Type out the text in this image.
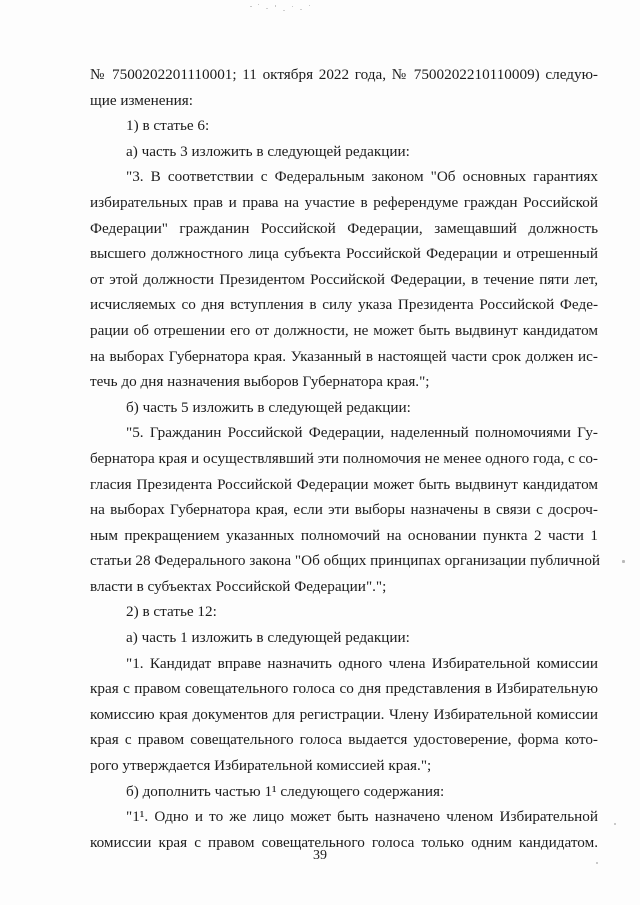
№ 7500202201110001; 11 октября 2022 года, № 7500202210110009) следую-
щие изменения:
1) в статье 6:
а) часть 3 изложить в следующей редакции:
"3. В соответствии с Федеральным законом "Об основных гарантиях
избирательных прав и права на участие в референдуме граждан Российской
Федерации" гражданин Российской Федерации, замещавший должность
высшего должностного лица субъекта Российской Федерации и отрешенный
от этой должности Президентом Российской Федерации, в течение пяти лет,
исчисляемых со дня вступления в силу указа Президента Российской Феде-
рации об отрешении его от должности, не может быть выдвинут кандидатом
на выборах Губернатора края. Указанный в настоящей части срок должен ис-
течь до дня назначения выборов Губернатора края.";
б) часть 5 изложить в следующей редакции:
"5. Гражданин Российской Федерации, наделенный полномочиями Гу-
бернатора края и осуществлявший эти полномочия не менее одного года, с со-
гласия Президента Российской Федерации может быть выдвинут кандидатом
на выборах Губернатора края, если эти выборы назначены в связи с досроч-
ным прекращением указанных полномочий на основании пункта 2 части 1
статьи 28 Федерального закона "Об общих принципах организации публичной
власти в субъектах Российской Федерации".";
2) в статье 12:
а) часть 1 изложить в следующей редакции:
"1. Кандидат вправе назначить одного члена Избирательной комиссии
края с правом совещательного голоса со дня представления в Избирательную
комиссию края документов для регистрации. Члену Избирательной комиссии
края с правом совещательного голоса выдается удостоверение, форма кото-
рого утверждается Избирательной комиссией края.";
б) дополнить частью 1¹ следующего содержания:
"1¹. Одно и то же лицо может быть назначено членом Избирательной
комиссии края с правом совещательного голоса только одним кандидатом.
39
